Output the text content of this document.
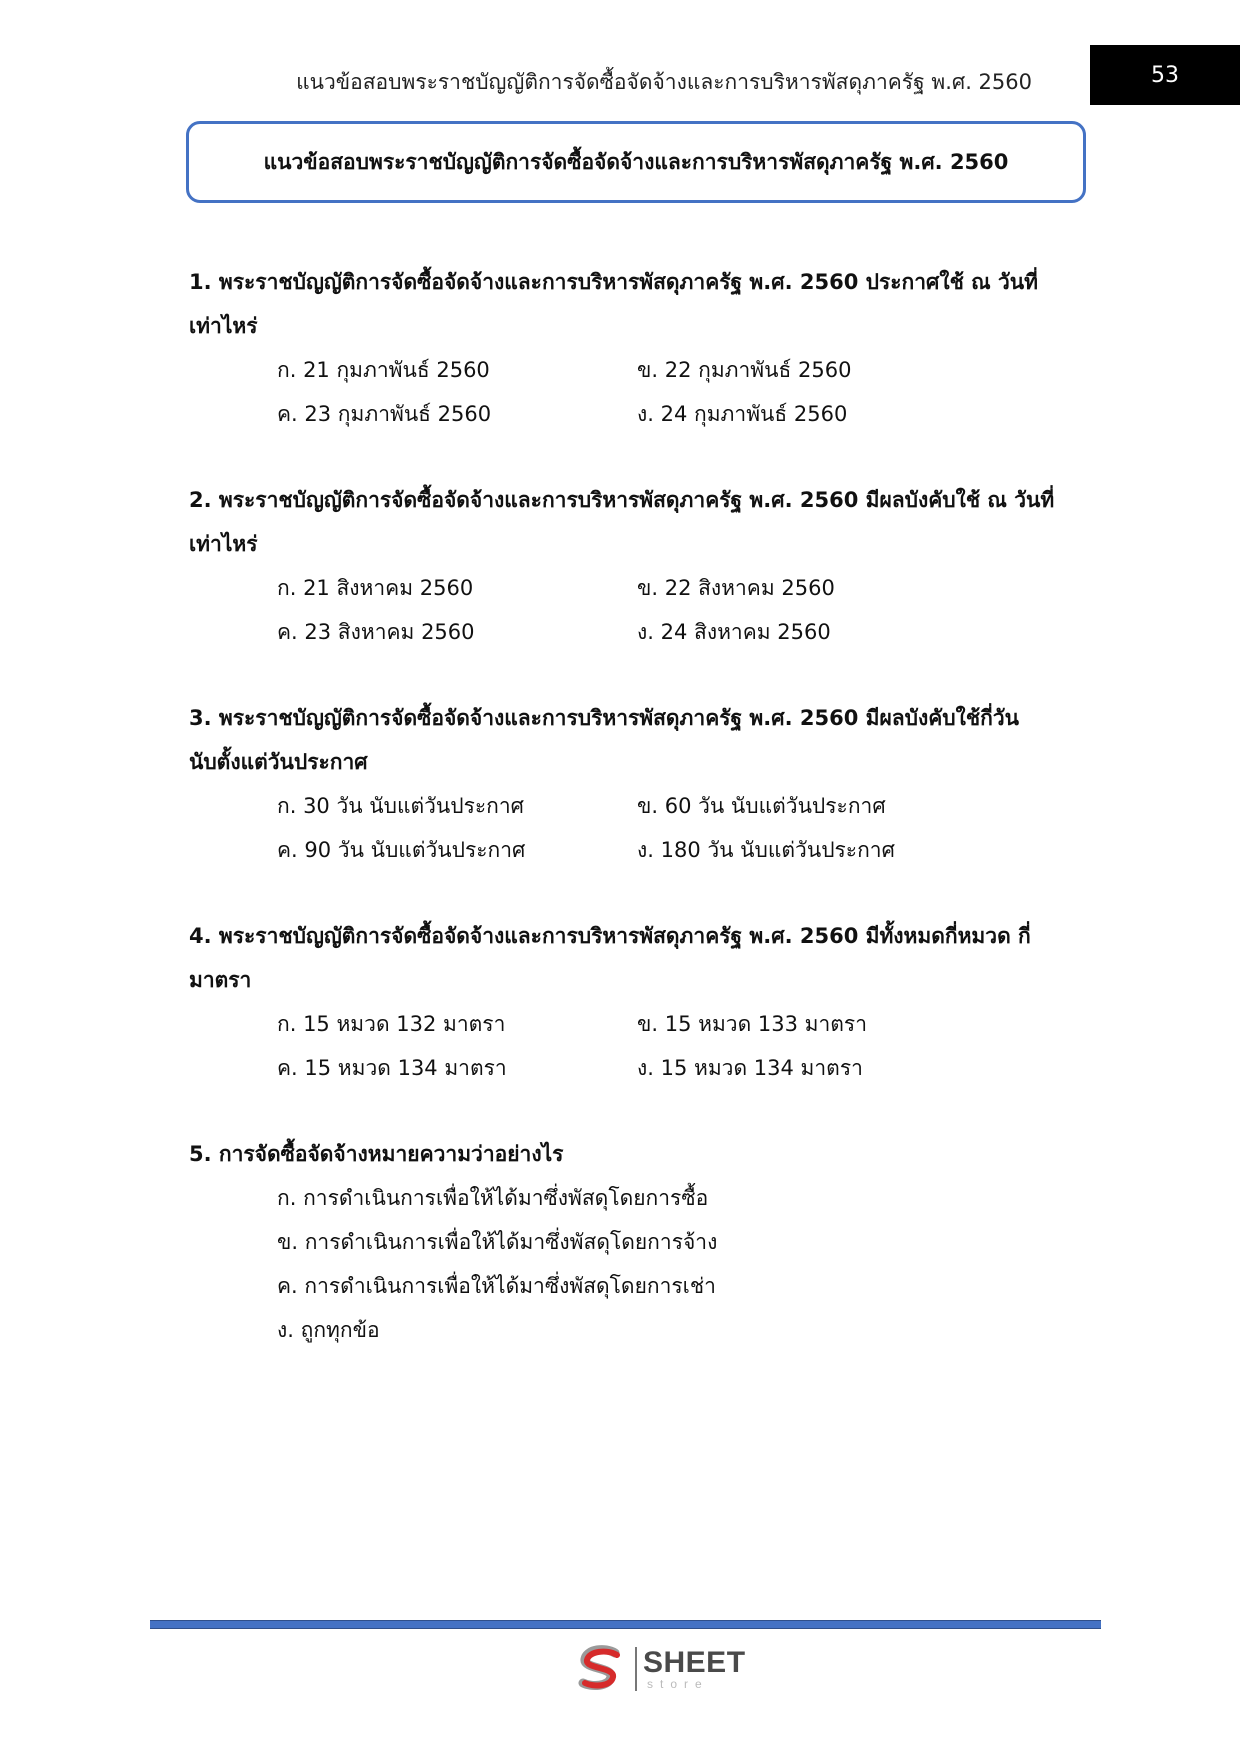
แนวข้อสอบพระราชบัญญัติการจัดซื้อจัดจ้างและการบริหารพัสดุภาครัฐ พ.ศ. 2560	53
แนวข้อสอบพระราชบัญญัติการจัดซื้อจัดจ้างและการบริหารพัสดุภาครัฐ พ.ศ. 2560
1. พระราชบัญญัติการจัดซื้อจัดจ้างและการบริหารพัสดุภาครัฐ พ.ศ. 2560 ประกาศใช้ ณ วันที่
เท่าไหร่
ก. 21 กุมภาพันธ์ 2560	ข. 22 กุมภาพันธ์ 2560
ค. 23 กุมภาพันธ์ 2560	ง. 24 กุมภาพันธ์ 2560
2. พระราชบัญญัติการจัดซื้อจัดจ้างและการบริหารพัสดุภาครัฐ พ.ศ. 2560 มีผลบังคับใช้ ณ วันที่
เท่าไหร่
ก. 21 สิงหาคม 2560	ข. 22 สิงหาคม 2560
ค. 23 สิงหาคม 2560	ง. 24 สิงหาคม 2560
3. พระราชบัญญัติการจัดซื้อจัดจ้างและการบริหารพัสดุภาครัฐ พ.ศ. 2560 มีผลบังคับใช้กี่วัน
นับตั้งแต่วันประกาศ
ก. 30 วัน นับแต่วันประกาศ	ข. 60 วัน นับแต่วันประกาศ
ค. 90 วัน นับแต่วันประกาศ	ง. 180 วัน นับแต่วันประกาศ
4. พระราชบัญญัติการจัดซื้อจัดจ้างและการบริหารพัสดุภาครัฐ พ.ศ. 2560 มีทั้งหมดกี่หมวด กี่
มาตรา
ก. 15 หมวด 132 มาตรา	ข. 15 หมวด 133 มาตรา
ค. 15 หมวด 134 มาตรา	ง. 15 หมวด 134 มาตรา
5. การจัดซื้อจัดจ้างหมายความว่าอย่างไร
ก. การดำเนินการเพื่อให้ได้มาซึ่งพัสดุโดยการซื้อ
ข. การดำเนินการเพื่อให้ได้มาซึ่งพัสดุโดยการจ้าง
ค. การดำเนินการเพื่อให้ได้มาซึ่งพัสดุโดยการเช่า
ง. ถูกทุกข้อ
SHEET
store
